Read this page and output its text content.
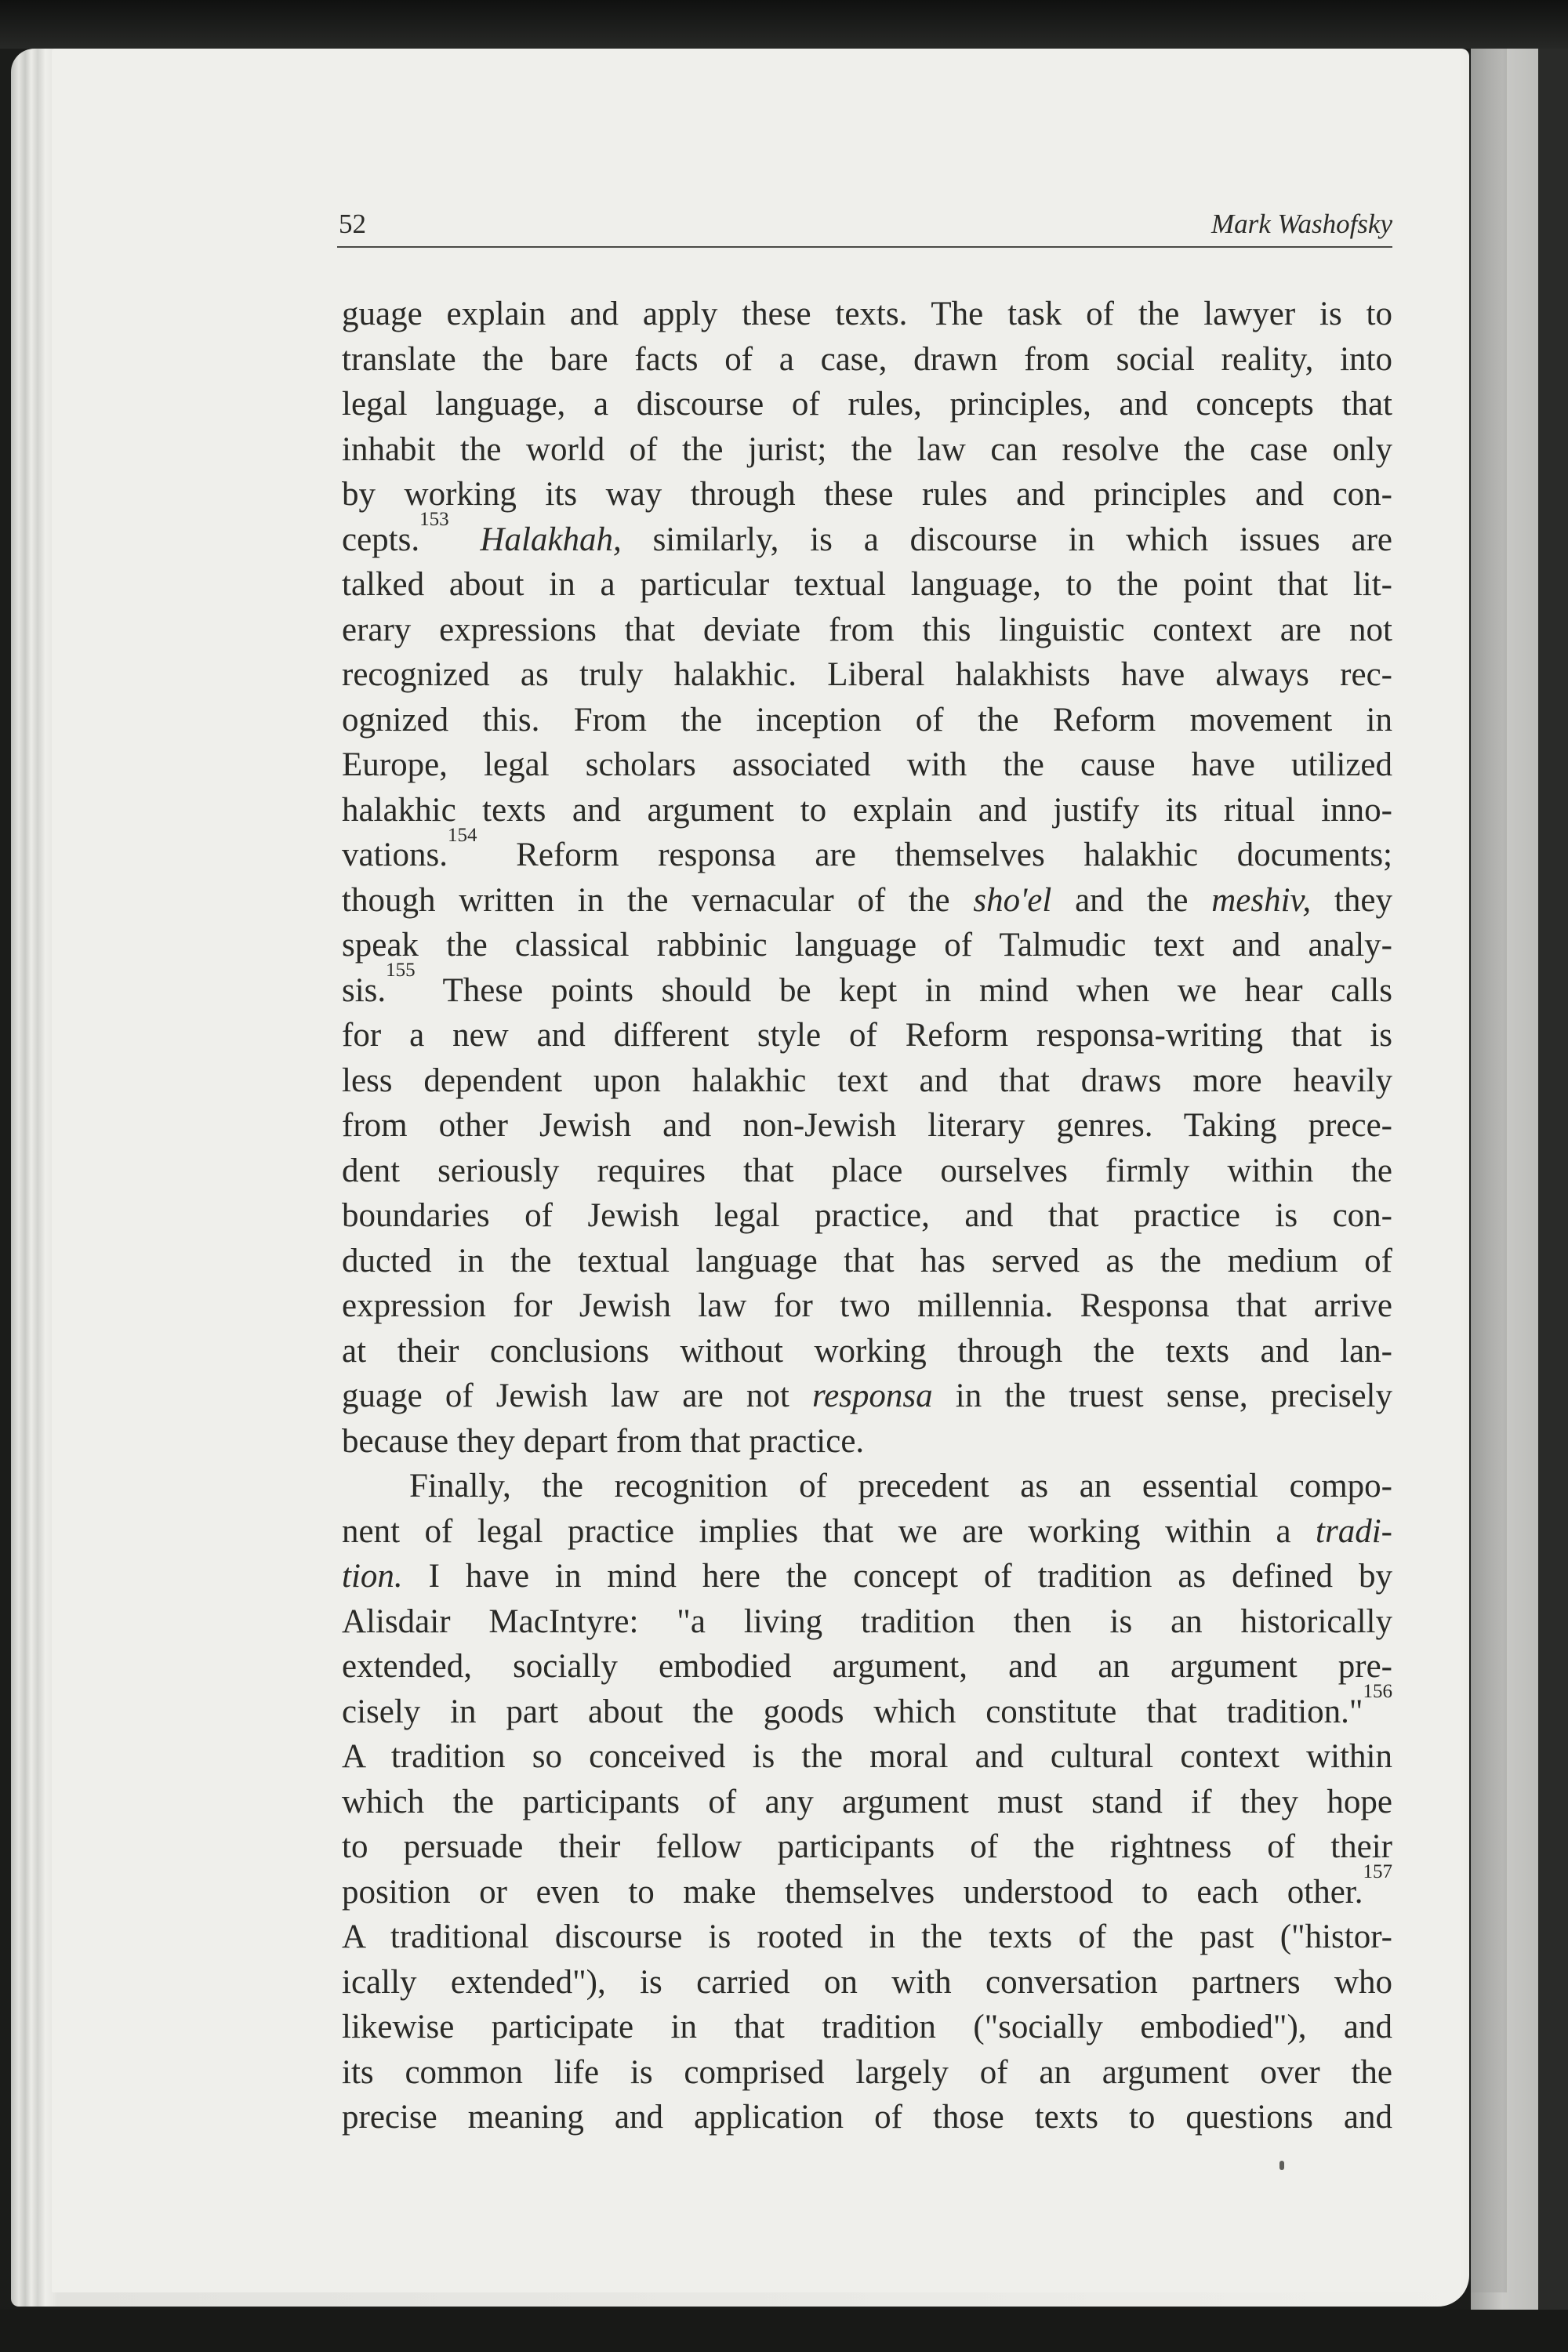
52	Mark Washofsky
guage explain and apply these texts. The task of the lawyer is to
translate the bare facts of a case, drawn from social reality, into
legal language, a discourse of rules, principles, and concepts that
inhabit the world of the jurist; the law can resolve the case only
by working its way through these rules and principles and con-
cepts.$^{153}$ Halakhah, similarly, is a discourse in which issues are
talked about in a particular textual language, to the point that lit-
erary expressions that deviate from this linguistic context are not
recognized as truly halakhic. Liberal halakhists have always rec-
ognized this. From the inception of the Reform movement in
Europe, legal scholars associated with the cause have utilized
halakhic texts and argument to explain and justify its ritual inno-
vations.$^{154}$ Reform responsa are themselves halakhic documents;
though written in the vernacular of the sho'el and the meshiv, they
speak the classical rabbinic language of Talmudic text and analy-
sis.$^{155}$ These points should be kept in mind when we hear calls
for a new and different style of Reform responsa-writing that is
less dependent upon halakhic text and that draws more heavily
from other Jewish and non-Jewish literary genres. Taking prece-
dent seriously requires that place ourselves firmly within the
boundaries of Jewish legal practice, and that practice is con-
ducted in the textual language that has served as the medium of
expression for Jewish law for two millennia. Responsa that arrive
at their conclusions without working through the texts and lan-
guage of Jewish law are not responsa in the truest sense, precisely
because they depart from that practice.
Finally, the recognition of precedent as an essential compo-
nent of legal practice implies that we are working within a tradi-
tion. I have in mind here the concept of tradition as defined by
Alisdair MacIntyre: "a living tradition then is an historically
extended, socially embodied argument, and an argument pre-
cisely in part about the goods which constitute that tradition."$^{156}$
A tradition so conceived is the moral and cultural context within
which the participants of any argument must stand if they hope
to persuade their fellow participants of the rightness of their
position or even to make themselves understood to each other.$^{157}$
A traditional discourse is rooted in the texts of the past ("histor-
ically extended"), is carried on with conversation partners who
likewise participate in that tradition ("socially embodied"), and
its common life is comprised largely of an argument over the
precise meaning and application of those texts to questions and
